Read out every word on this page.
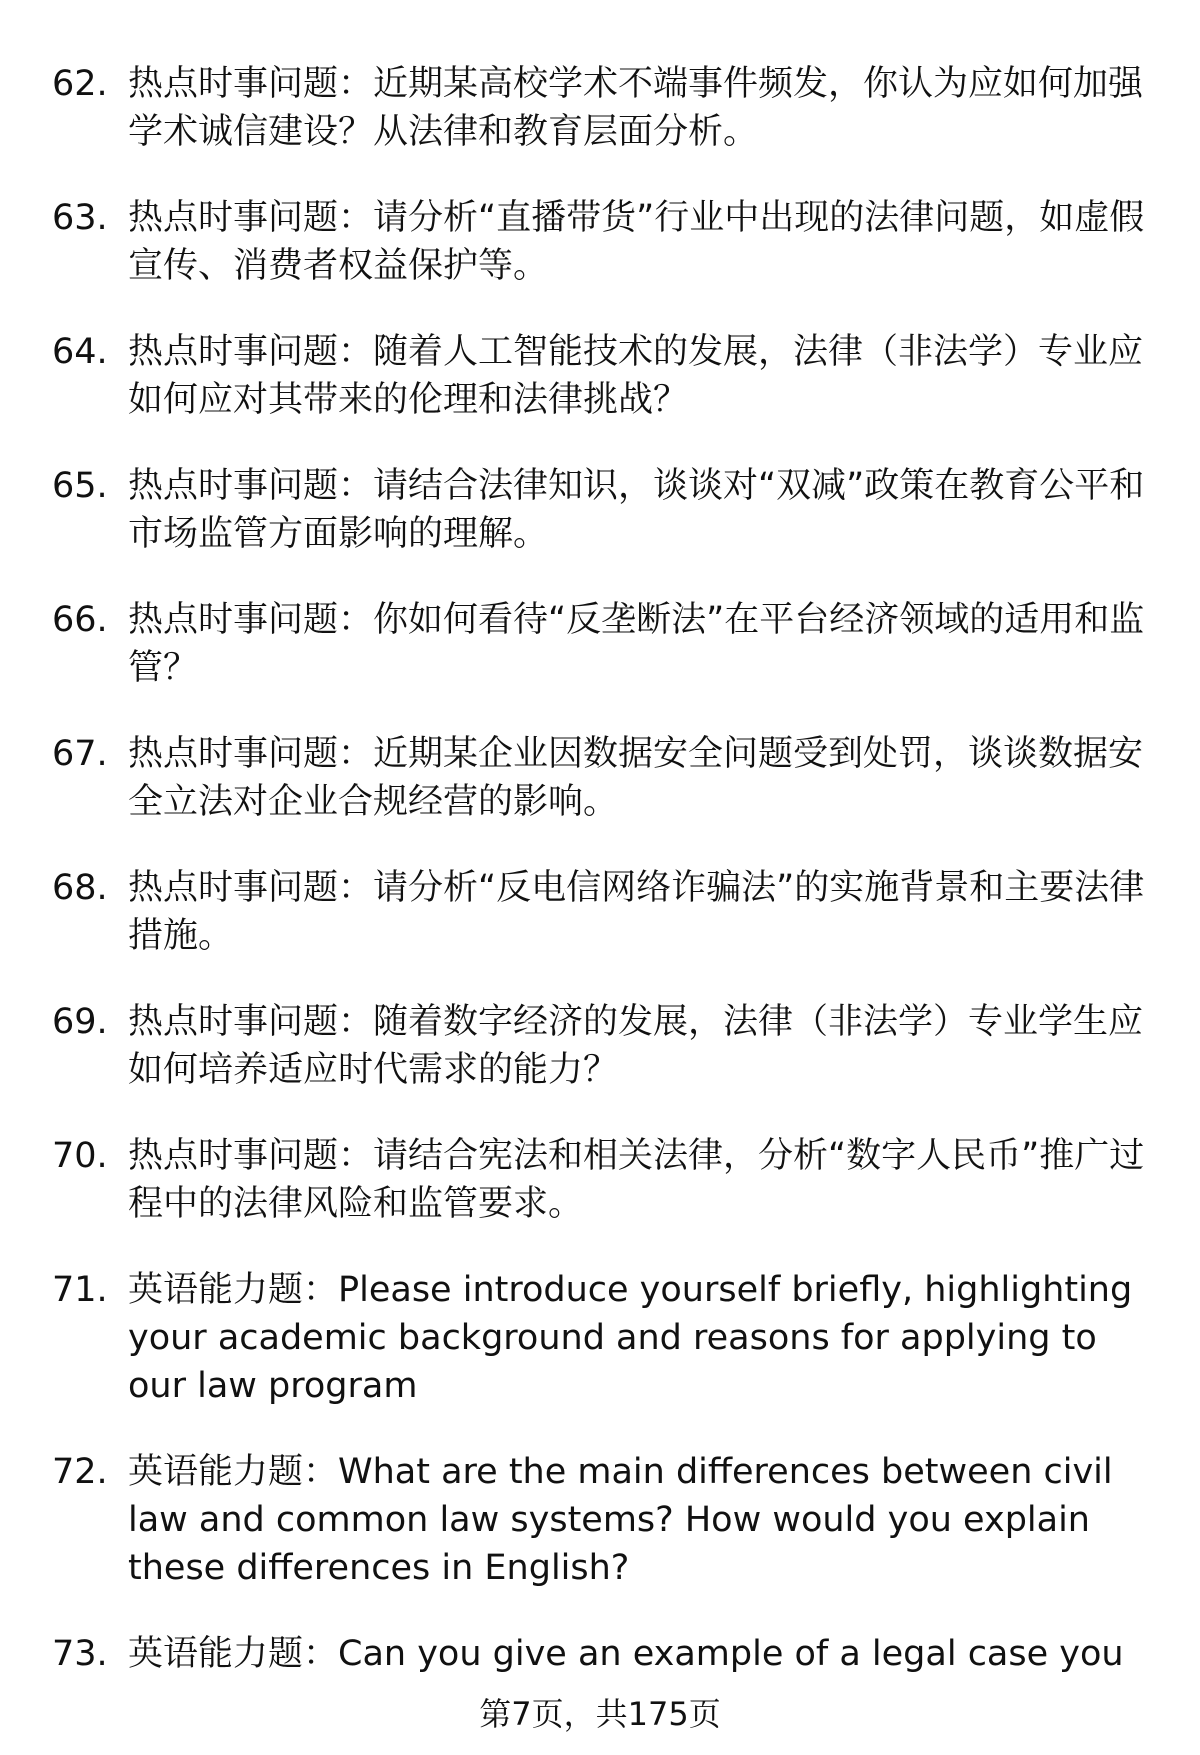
62. 热点时事问题：近期某高校学术不端事件频发，你认为应如何加强学术诚信建设？从法律和教育层面分析。
63. 热点时事问题：请分析“直播带货”行业中出现的法律问题，如虚假宣传、消费者权益保护等。
64. 热点时事问题：随着人工智能技术的发展，法律（非法学）专业应如何应对其带来的伦理和法律挑战？
65. 热点时事问题：请结合法律知识，谈谈对“双减”政策在教育公平和市场监管方面影响的理解。
66. 热点时事问题：你如何看待“反垄断法”在平台经济领域的适用和监管？
67. 热点时事问题：近期某企业因数据安全问题受到处罚，谈谈数据安全立法对企业合规经营的影响。
68. 热点时事问题：请分析“反电信网络诈骗法”的实施背景和主要法律措施。
69. 热点时事问题：随着数字经济的发展，法律（非法学）专业学生应如何培养适应时代需求的能力？
70. 热点时事问题：请结合宪法和相关法律，分析“数字人民币”推广过程中的法律风险和监管要求。
71. 英语能力题：Please introduce yourself briefly, highlighting your academic background and reasons for applying to our law program
72. 英语能力题：What are the main differences between civil law and common law systems? How would you explain these differences in English?
73. 英语能力题：Can you give an example of a legal case you
第7页，共175页
